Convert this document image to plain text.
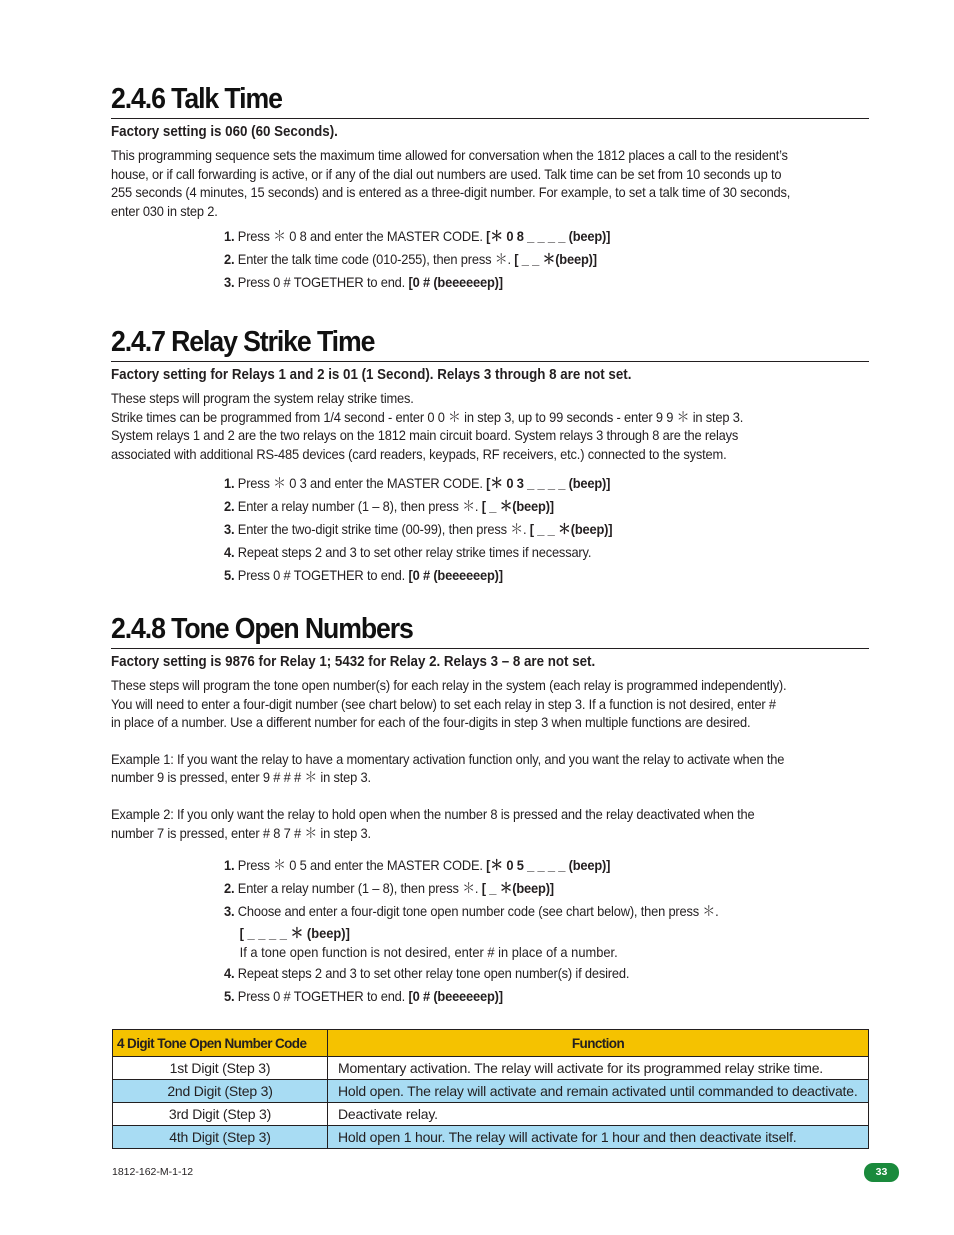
2.4.6 Talk Time
Factory setting is 060 (60 Seconds).

This programming sequence sets the maximum time allowed for conversation when the 1812 places a call to the resident’s
house, or if call forwarding is active, or if any of the dial out numbers are used. Talk time can be set from 10 seconds up to
255 seconds (4 minutes, 15 seconds) and is entered as a three-digit number. For example, to set a talk time of 30 seconds,
enter 030 in step 2.

1. Press ＊ 0 8 and enter the MASTER CODE. [＊ 0 8 _ _ _ _ (beep)]
2. Enter the talk time code (010-255), then press ＊. [ _ _ ＊(beep)]
3. Press 0 # TOGETHER to end. [0 # (beeeeeep)]
2.4.7 Relay Strike Time
Factory setting for Relays 1 and 2 is 01 (1 Second). Relays 3 through 8 are not set.

These steps will program the system relay strike times.
Strike times can be programmed from 1/4 second - enter 0 0 ＊ in step 3, up to 99 seconds - enter 9 9 ＊ in step 3.
System relays 1 and 2 are the two relays on the 1812 main circuit board. System relays 3 through 8 are the relays
associated with additional RS-485 devices (card readers, keypads, RF receivers, etc.) connected to the system.

1. Press ＊ 0 3 and enter the MASTER CODE. [＊ 0 3 _ _ _ _ (beep)]
2. Enter a relay number (1 – 8), then press ＊. [ _ ＊(beep)]
3. Enter the two-digit strike time (00-99), then press ＊. [ _ _ ＊(beep)]
4. Repeat steps 2 and 3 to set other relay strike times if necessary.
5. Press 0 # TOGETHER to end. [0 # (beeeeeep)]
2.4.8 Tone Open Numbers
Factory setting is 9876 for Relay 1; 5432 for Relay 2. Relays 3 – 8 are not set.

These steps will program the tone open number(s) for each relay in the system (each relay is programmed independently).
You will need to enter a four-digit number (see chart below) to set each relay in step 3. If a function is not desired, enter #
in place of a number. Use a different number for each of the four-digits in step 3 when multiple functions are desired.

Example 1: If you want the relay to have a momentary activation function only, and you want the relay to activate when the
number 9 is pressed, enter 9 # # # ＊ in step 3.

Example 2: If you only want the relay to hold open when the number 8 is pressed and the relay deactivated when the
number 7 is pressed, enter # 8 7 # ＊ in step 3.

1. Press ＊ 0 5 and enter the MASTER CODE. [＊ 0 5 _ _ _ _ (beep)]
2. Enter a relay number (1 – 8), then press ＊. [ _ ＊(beep)]
3. Choose and enter a four-digit tone open number code (see chart below), then press ＊.
[ _ _ _ _ ＊ (beep)]
If a tone open function is not desired, enter # in place of a number.
4. Repeat steps 2 and 3 to set other relay tone open number(s) if desired.
5. Press 0 # TOGETHER to end. [0 # (beeeeeep)]
4 Digit Tone Open Number Code	Function
1st Digit (Step 3)	Momentary activation. The relay will activate for its programmed relay strike time.
2nd Digit (Step 3)	Hold open. The relay will activate and remain activated until commanded to deactivate.
3rd Digit (Step 3)	Deactivate relay.
4th Digit (Step 3)	Hold open 1 hour. The relay will activate for 1 hour and then deactivate itself.
1812-162-M-1-12	33
